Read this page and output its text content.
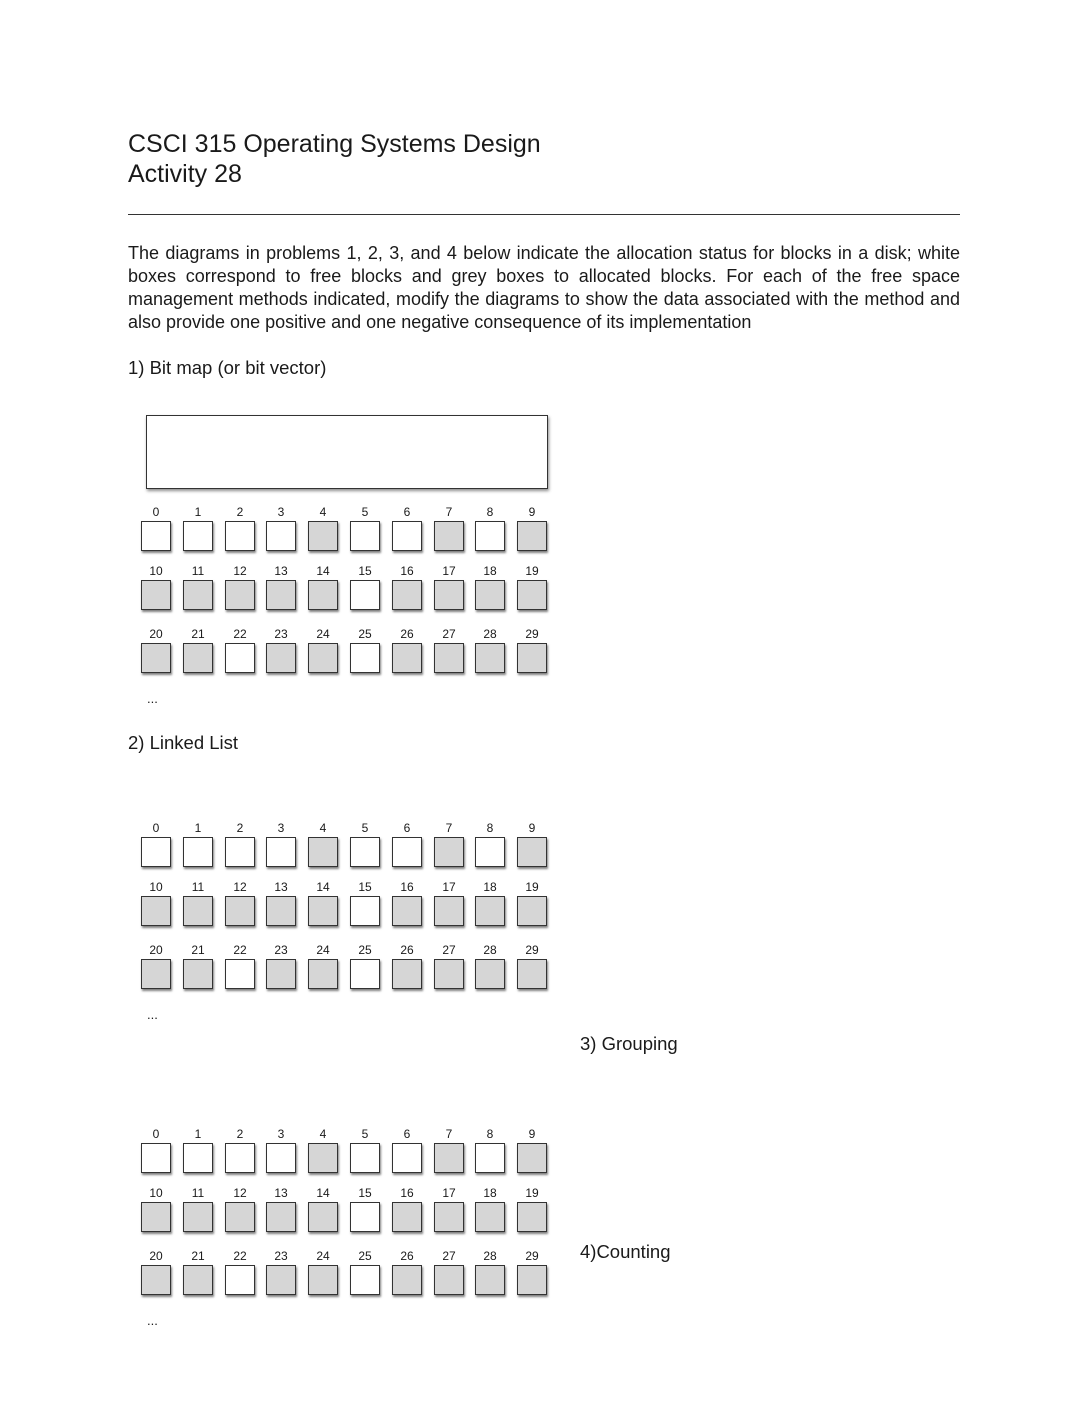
CSCI 315 Operating Systems Design
Activity 28

The diagrams in problems 1, 2, 3, and 4 below indicate the allocation status for blocks in a disk; white boxes correspond to free blocks and grey boxes to allocated blocks. For each of the free space management methods indicated, modify the diagrams to show the data associated with the method and also provide one positive and one negative consequence of its implementation

1) Bit map (or bit vector)

0	1	2	3	4	5	6	7	8	9
10	11	12	13	14	15	16	17	18	19
20	21	22	23	24	25	26	27	28	29
...

2) Linked List

0	1	2	3	4	5	6	7	8	9
10	11	12	13	14	15	16	17	18	19
20	21	22	23	24	25	26	27	28	29
...

3) Grouping

0	1	2	3	4	5	6	7	8	9
10	11	12	13	14	15	16	17	18	19
20	21	22	23	24	25	26	27	28	29
...

4)Counting
